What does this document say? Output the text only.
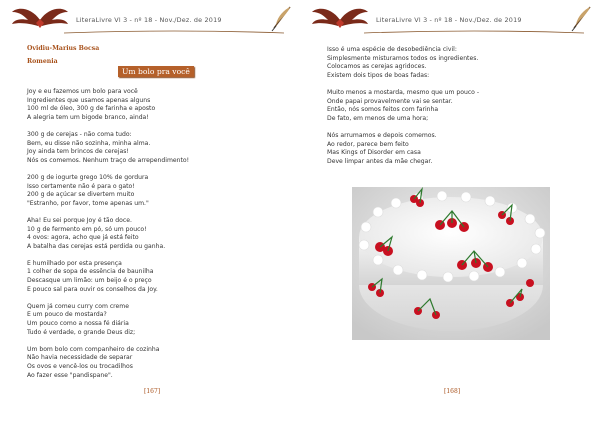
LiteraLivre Vl 3 - nº 18 - Nov./Dez. de 2019
Ovidiu-Marius Bocsa
Romenia
Um bolo pra você
Joy e eu fazemos um bolo para você
Ingredientes que usamos apenas alguns
100 ml de óleo, 300 g de farinha e aposto
A alegria tem um bigode branco, ainda!
300 g de cerejas - não coma tudo:
Bem, eu disse não sozinha, minha alma.
Joy ainda tem brincos de cerejas!
Nós os comemos. Nenhum traço de arrependimento!
200 g de iogurte grego 10% de gordura
Isso certamente não é para o gato!
200 g de açúcar se divertem muito
"Estranho, por favor, tome apenas um."
Aha! Eu sei porque Joy é tão doce.
10 g de fermento em pó, só um pouco!
4 ovos: agora, acho que já está feito
A batalha das cerejas está perdida ou ganha.
E humilhado por esta presença
1 colher de sopa de essência de baunilha
Descasque um limão: um beijo é o preço
E pouco sal para ouvir os conselhos da Joy.
Quem já comeu curry com creme
E um pouco de mostarda?
Um pouco como a nossa fé diária
Tudo é verdade, o grande Deus diz;
Um bom bolo com companheiro de cozinha
Não havia necessidade de separar
Os ovos e vencê-los ou trocadilhos
Ao fazer esse "pandispane".
[167]
LiteraLivre Vl 3 - nº 18 - Nov./Dez. de 2019
Isso é uma espécie de desobediência civil:
Simplesmente misturamos todos os ingredientes.
Colocamos as cerejas agridoces.
Existem dois tipos de boas fadas:
Muito menos a mostarda, mesmo que um pouco -
Onde papai provavelmente vai se sentar.
Então, nós somos feitos com farinha
De fato, em menos de uma hora;
Nós arrumamos e depois comemos.
Ao redor, parece bem feito
Mas Kings of Disorder em casa
Deve limpar antes da mãe chegar.
[168]
